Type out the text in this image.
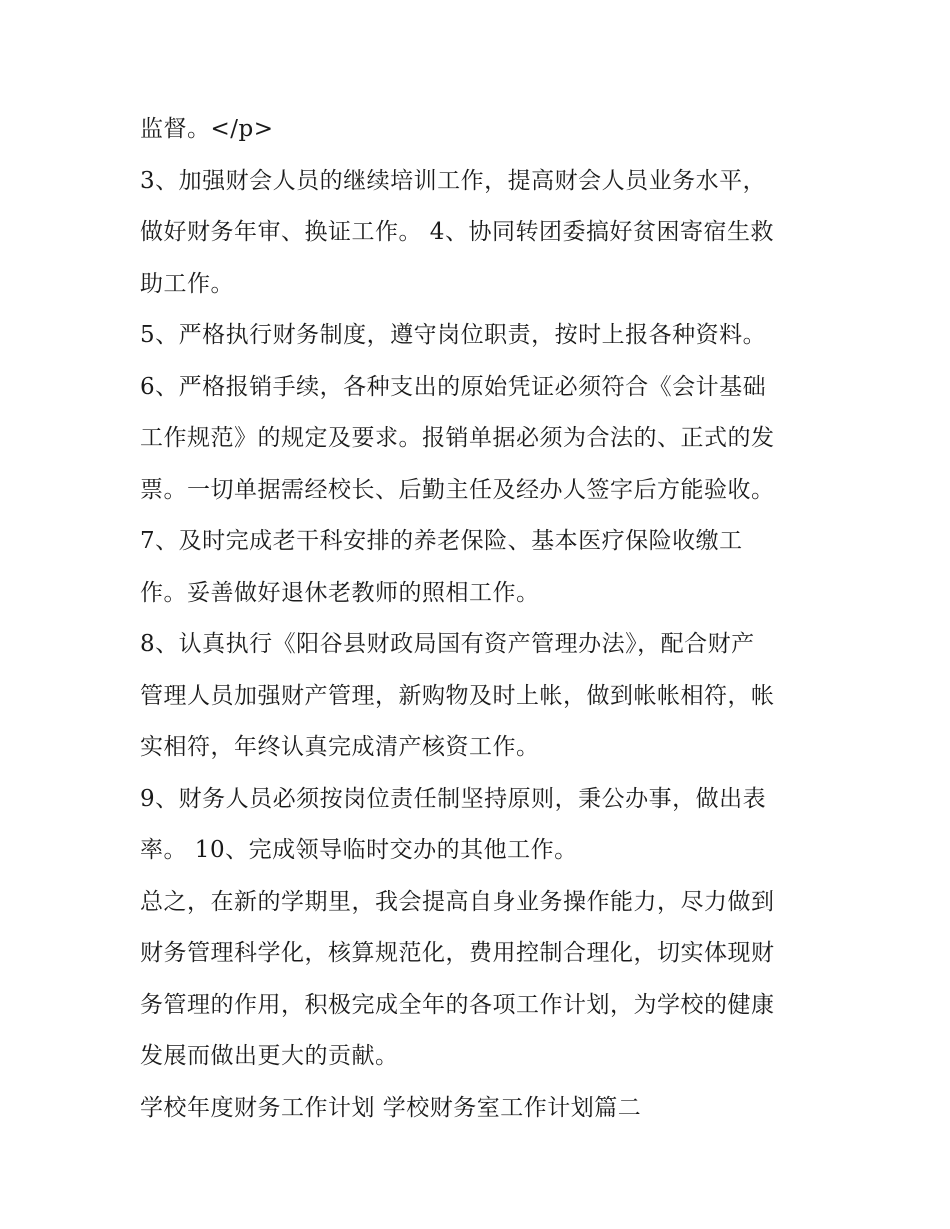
监督。</p>
3、加强财会人员的继续培训工作，提高财会人员业务水平，
做好财务年审、换证工作。 4、协同转团委搞好贫困寄宿生救
助工作。
5、严格执行财务制度，遵守岗位职责，按时上报各种资料。
6、严格报销手续，各种支出的原始凭证必须符合《会计基础
工作规范》的规定及要求。报销单据必须为合法的、正式的发
票。一切单据需经校长、后勤主任及经办人签字后方能验收。
7、及时完成老干科安排的养老保险、基本医疗保险收缴工
作。妥善做好退休老教师的照相工作。
8、认真执行《阳谷县财政局国有资产管理办法》，配合财产
管理人员加强财产管理，新购物及时上帐，做到帐帐相符，帐
实相符，年终认真完成清产核资工作。
9、财务人员必须按岗位责任制坚持原则，秉公办事，做出表
率。 10、完成领导临时交办的其他工作。
总之，在新的学期里，我会提高自身业务操作能力，尽力做到
财务管理科学化，核算规范化，费用控制合理化，切实体现财
务管理的作用，积极完成全年的各项工作计划，为学校的健康
发展而做出更大的贡献。
学校年度财务工作计划 学校财务室工作计划篇二
